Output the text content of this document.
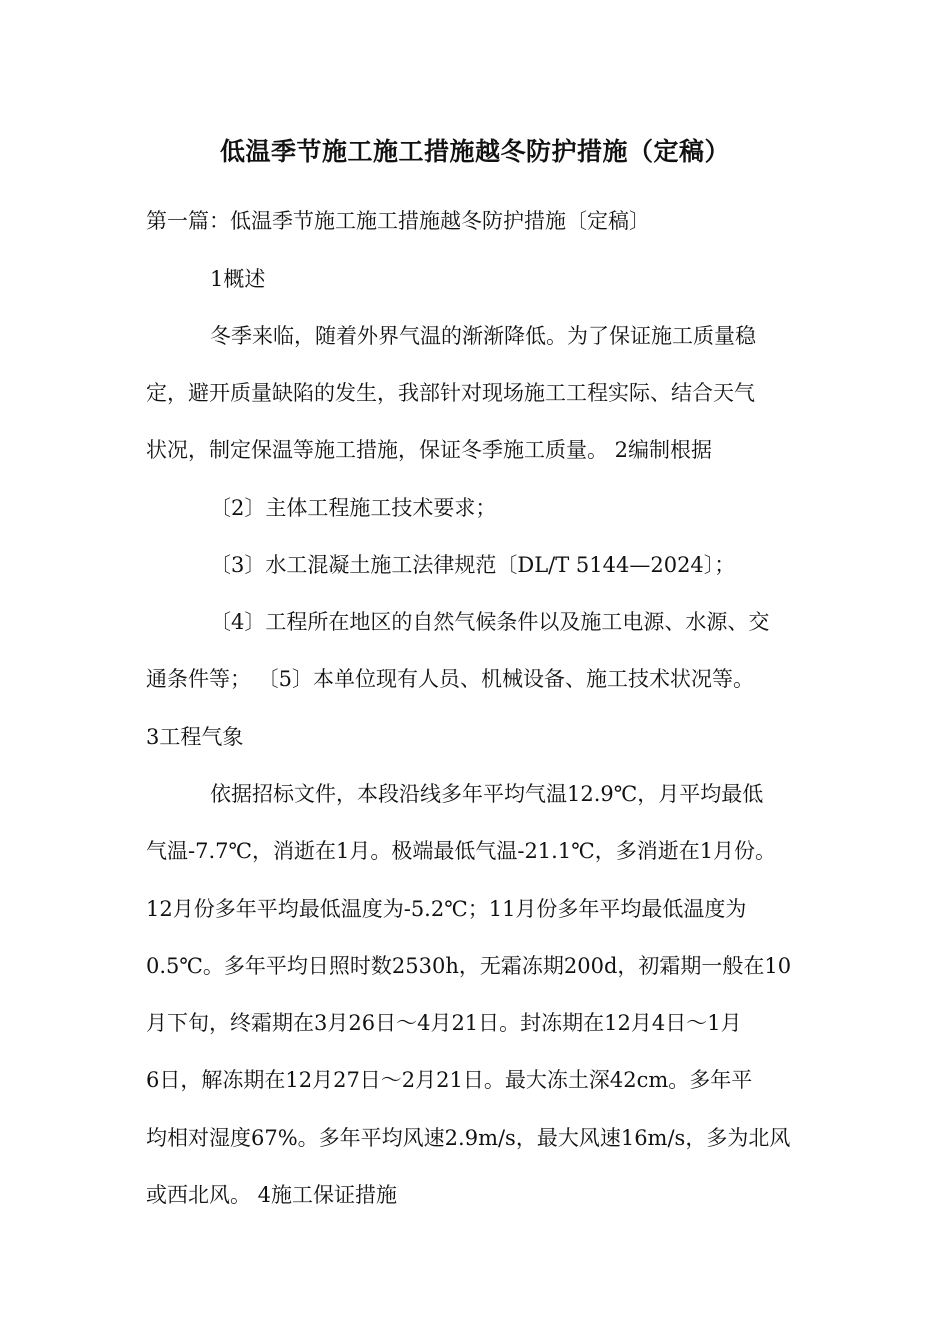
低温季节施工施工措施越冬防护措施（定稿）
第一篇：低温季节施工施工措施越冬防护措施〔定稿〕
1概述
冬季来临，随着外界气温的渐渐降低。为了保证施工质量稳
定，避开质量缺陷的发生，我部针对现场施工工程实际、结合天气
状况，制定保温等施工措施，保证冬季施工质量。 2编制根据
〔2〕主体工程施工技术要求；
〔3〕水工混凝土施工法律规范〔DL/T 5144—2024〕；
〔4〕工程所在地区的自然气候条件以及施工电源、水源、交
通条件等； 〔5〕本单位现有人员、机械设备、施工技术状况等。
3工程气象
依据招标文件，本段沿线多年平均气温12.9℃，月平均最低
气温-7.7℃，消逝在1月。极端最低气温-21.1℃，多消逝在1月份。
12月份多年平均最低温度为-5.2℃；11月份多年平均最低温度为
0.5℃。多年平均日照时数2530h，无霜冻期200d，初霜期一般在10
月下旬，终霜期在3月26日～4月21日。封冻期在12月4日～1月
6日，解冻期在12月27日～2月21日。最大冻土深42cm。多年平
均相对湿度67%。多年平均风速2.9m/s，最大风速16m/s，多为北风
或西北风。 4施工保证措施
